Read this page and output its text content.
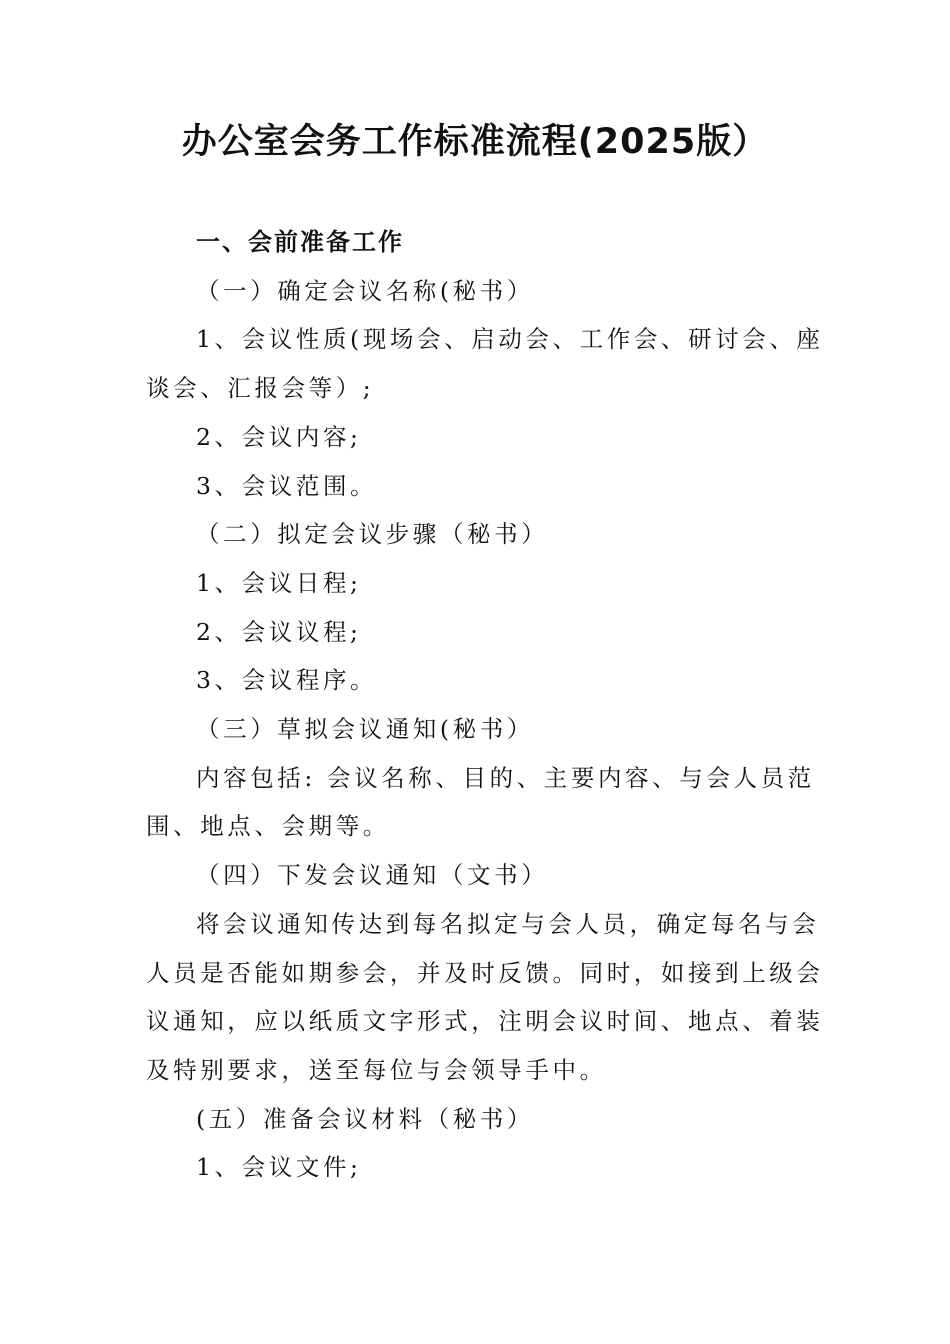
办公室会务工作标准流程(2025版）
一、会前准备工作
（一）确定会议名称(秘书）
1、会议性质(现场会、启动会、工作会、研讨会、座
谈会、汇报会等）;
2、会议内容;
3、会议范围。
（二）拟定会议步骤（秘书）
1、会议日程;
2、会议议程;
3、会议程序。
（三）草拟会议通知(秘书）
内容包括: 会议名称、目的、主要内容、与会人员范
围、地点、会期等。
（四）下发会议通知（文书）
将会议通知传达到每名拟定与会人员，确定每名与会
人员是否能如期参会，并及时反馈。同时，如接到上级会
议通知，应以纸质文字形式，注明会议时间、地点、着装
及特别要求，送至每位与会领导手中。
(五）准备会议材料（秘书）
1、会议文件;
